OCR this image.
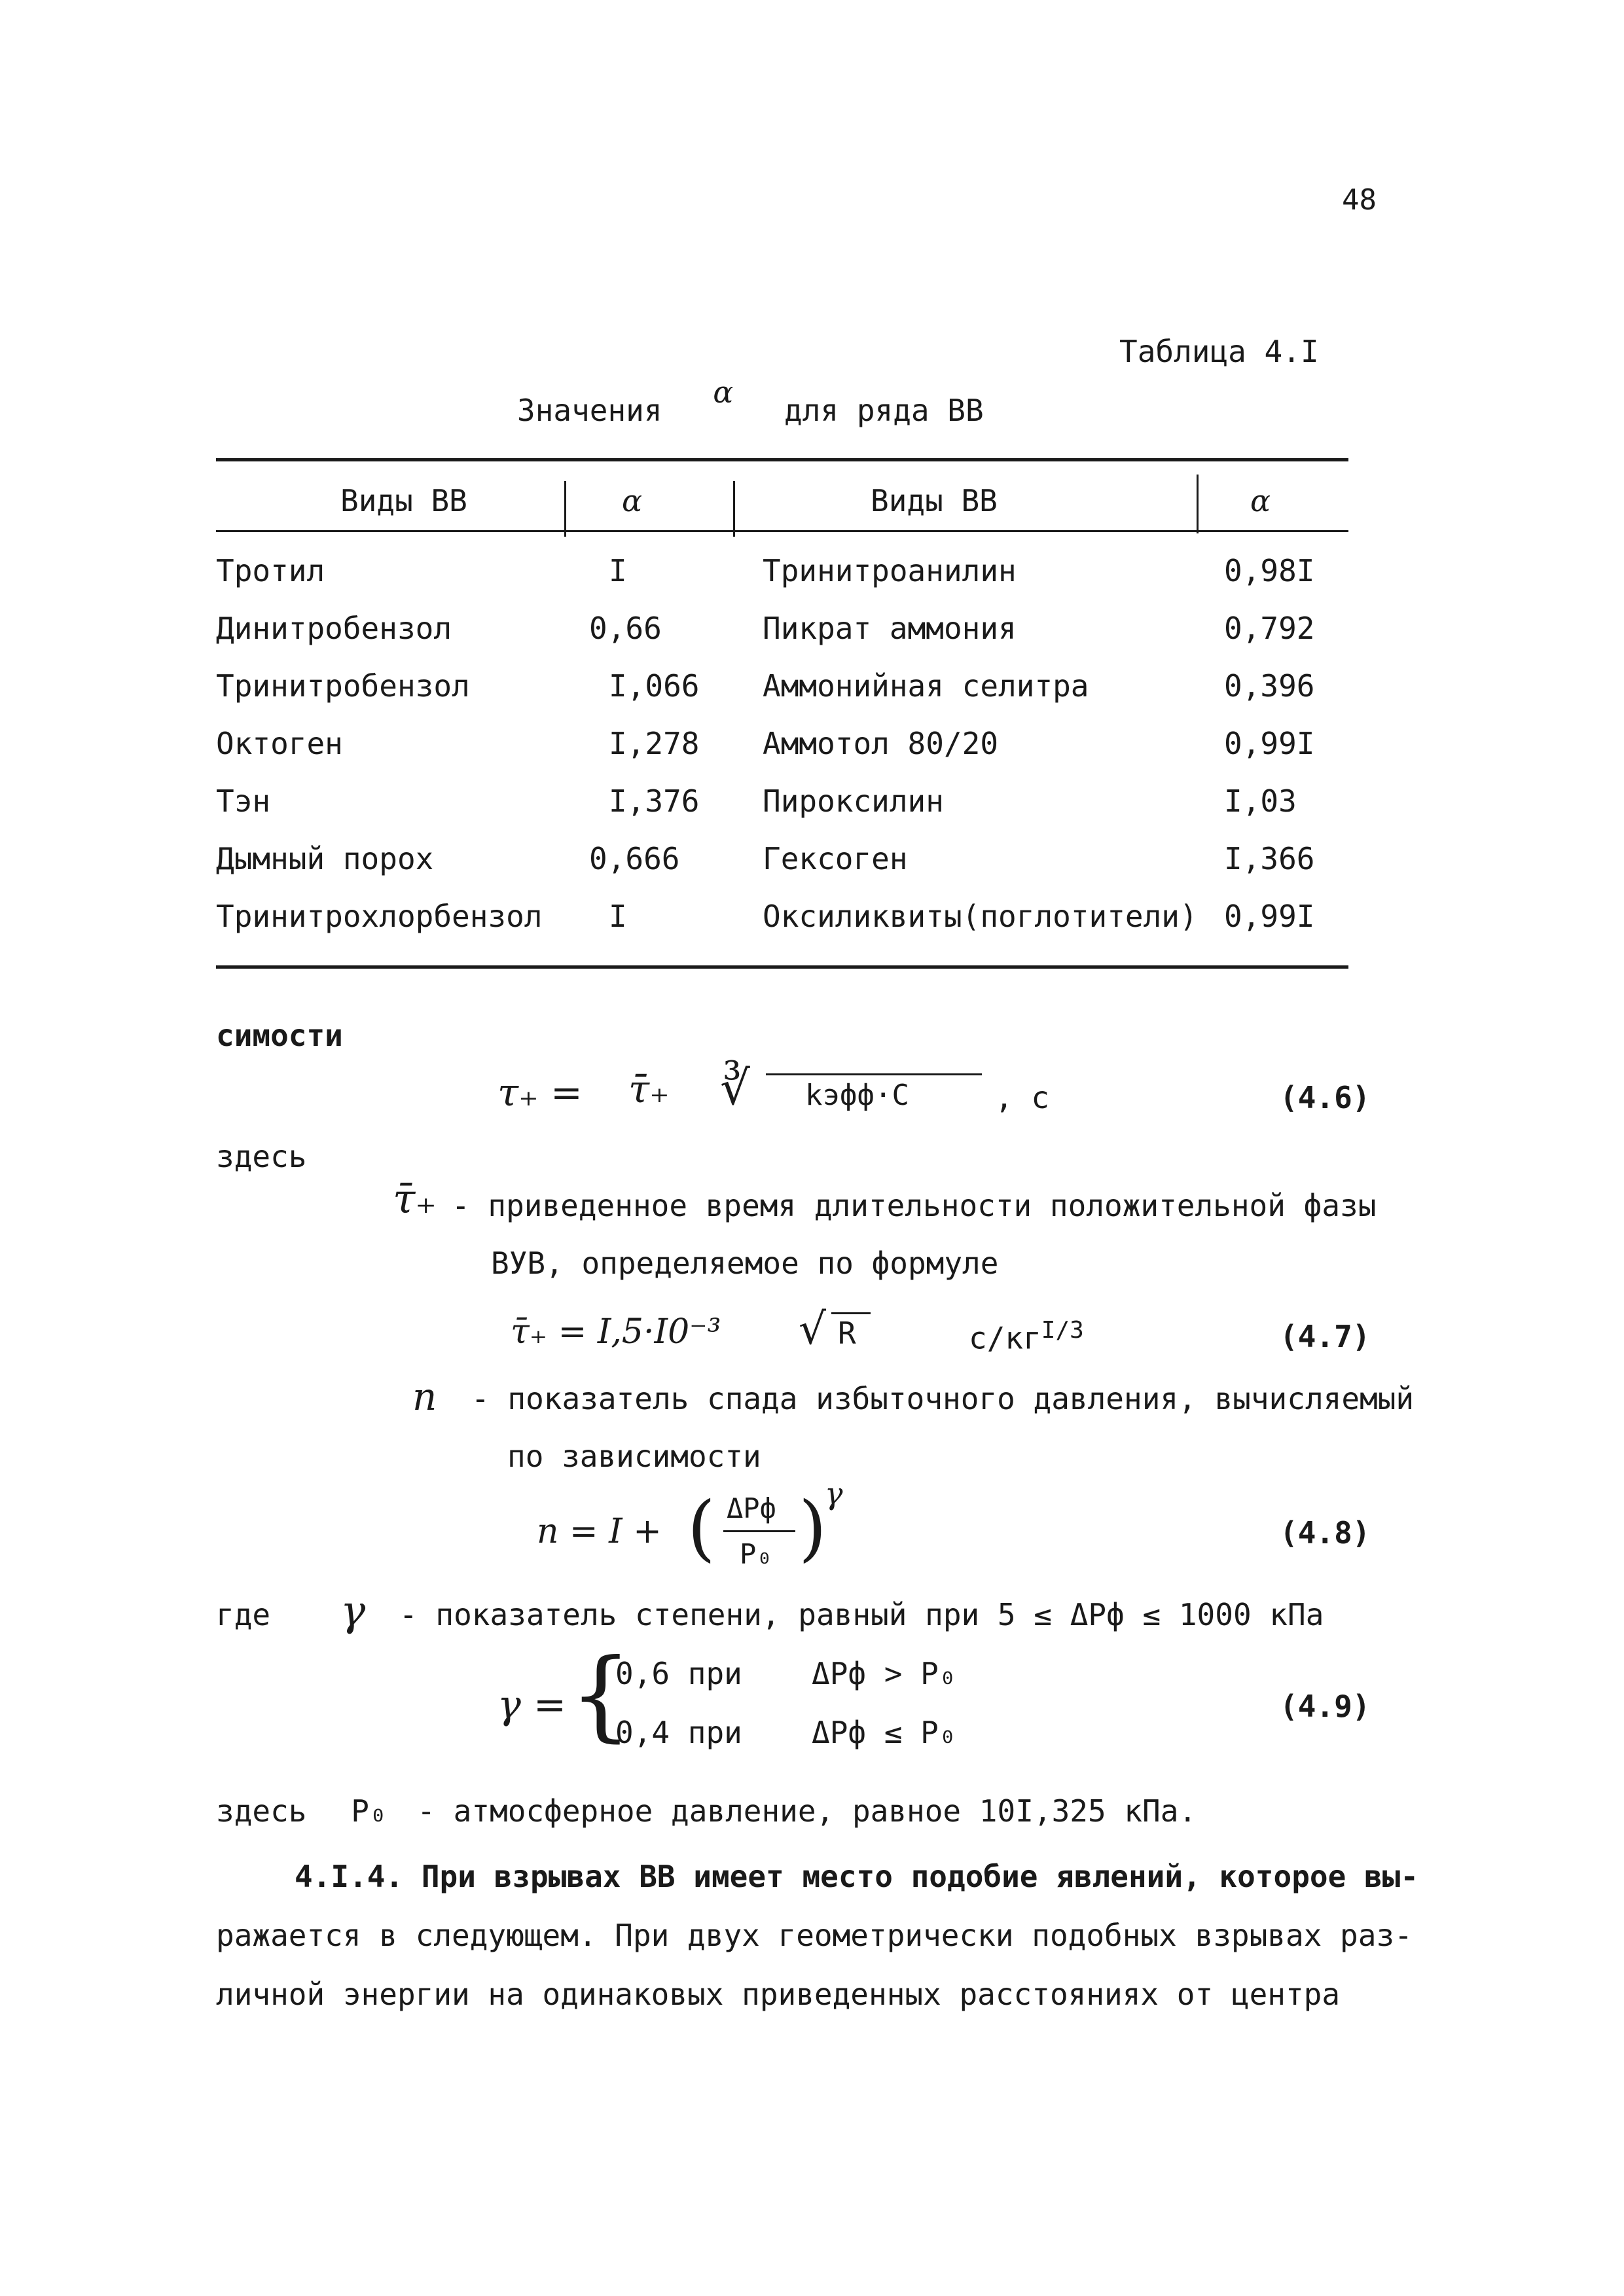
48
Таблица 4.I
Значения α для ряда ВВ
Виды ВВ	α	Виды ВВ	α
Тротил	I	Тринитроанилин	0,98I
Динитробензол	0,66	Пикрат аммония	0,792
Тринитробензол	I,066 Аммонийная селитра	0,396
Октоген	I,278 Аммотол 80/20	0,99I
Тэн	I,376 Пироксилин	I,03
Дымный порох	0,666	Гексоген	I,366
Тринитрохлорбензол I	Оксиликвиты(поглотители) 0,99I
симости
τ₊ = τ̄₊ ∛ kэфф·C	, с	(4.6)
здесь
τ̄₊ - приведенное время длительности положительной фазы
ВУВ, определяемое по формуле
τ̄₊ = I,5·I0⁻³ √ R	$с/кг^{I/3}$	(4.7)
n - показатель спада избыточного давления, вычисляемый
по зависимости
n = I + ( ΔPф
P₀ )
γ
(4.8)
где γ - показатель степени, равный при 5 ≤ ΔPф ≤ 1000 кПа
γ = {
0,6 при ΔPф > P₀
0,4 при ΔPф ≤ P₀
(4.9)
здесь P₀ - атмосферное давление, равное 10I,325 кПа.
4.I.4. При взрывах ВВ имеет место подобие явлений, которое вы-
ражается в следующем. При двух геометрически подобных взрывах раз-
личной энергии на одинаковых приведенных расстояниях от центра
